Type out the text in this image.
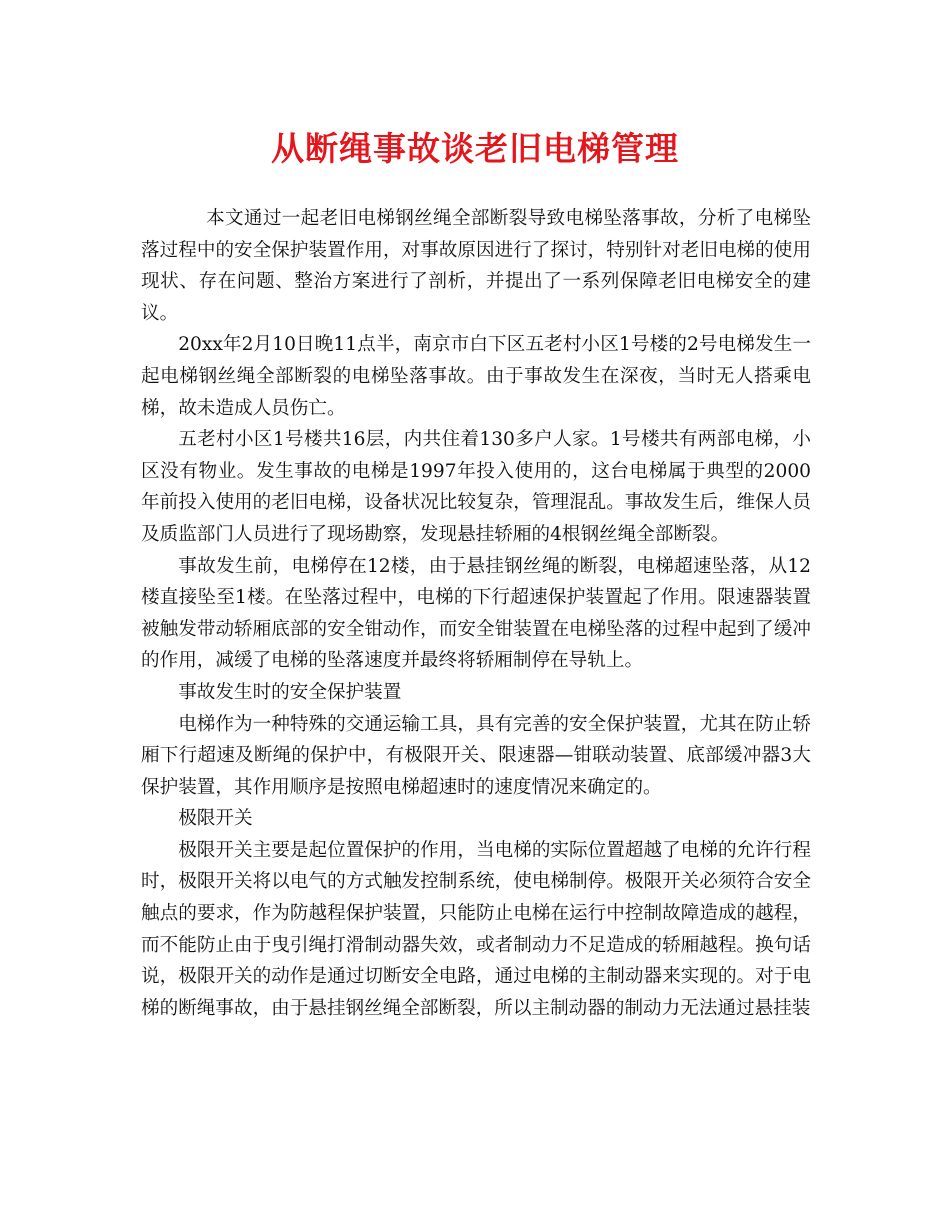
从断绳事故谈老旧电梯管理

本文通过一起老旧电梯钢丝绳全部断裂导致电梯坠落事故，分析了电梯坠落过程中的安全保护装置作用，对事故原因进行了探讨，特别针对老旧电梯的使用现状、存在问题、整治方案进行了剖析，并提出了一系列保障老旧电梯安全的建议。

20xx年2月10日晚11点半，南京市白下区五老村小区1号楼的2号电梯发生一起电梯钢丝绳全部断裂的电梯坠落事故。由于事故发生在深夜，当时无人搭乘电梯，故未造成人员伤亡。

五老村小区1号楼共16层，内共住着130多户人家。1号楼共有两部电梯，小区没有物业。发生事故的电梯是1997年投入使用的，这台电梯属于典型的2000年前投入使用的老旧电梯，设备状况比较复杂，管理混乱。事故发生后，维保人员及质监部门人员进行了现场勘察，发现悬挂轿厢的4根钢丝绳全部断裂。

事故发生前，电梯停在12楼，由于悬挂钢丝绳的断裂，电梯超速坠落，从12楼直接坠至1楼。在坠落过程中，电梯的下行超速保护装置起了作用。限速器装置被触发带动轿厢底部的安全钳动作，而安全钳装置在电梯坠落的过程中起到了缓冲的作用，减缓了电梯的坠落速度并最终将轿厢制停在导轨上。

事故发生时的安全保护装置

电梯作为一种特殊的交通运输工具，具有完善的安全保护装置，尤其在防止轿厢下行超速及断绳的保护中，有极限开关、限速器—钳联动装置、底部缓冲器3大保护装置，其作用顺序是按照电梯超速时的速度情况来确定的。

极限开关

极限开关主要是起位置保护的作用，当电梯的实际位置超越了电梯的允许行程时，极限开关将以电气的方式触发控制系统，使电梯制停。极限开关必须符合安全触点的要求，作为防越程保护装置，只能防止电梯在运行中控制故障造成的越程，而不能防止由于曳引绳打滑制动器失效，或者制动力不足造成的轿厢越程。换句话说，极限开关的动作是通过切断安全电路，通过电梯的主制动器来实现的。对于电梯的断绳事故，由于悬挂钢丝绳全部断裂，所以主制动器的制动力无法通过悬挂装
